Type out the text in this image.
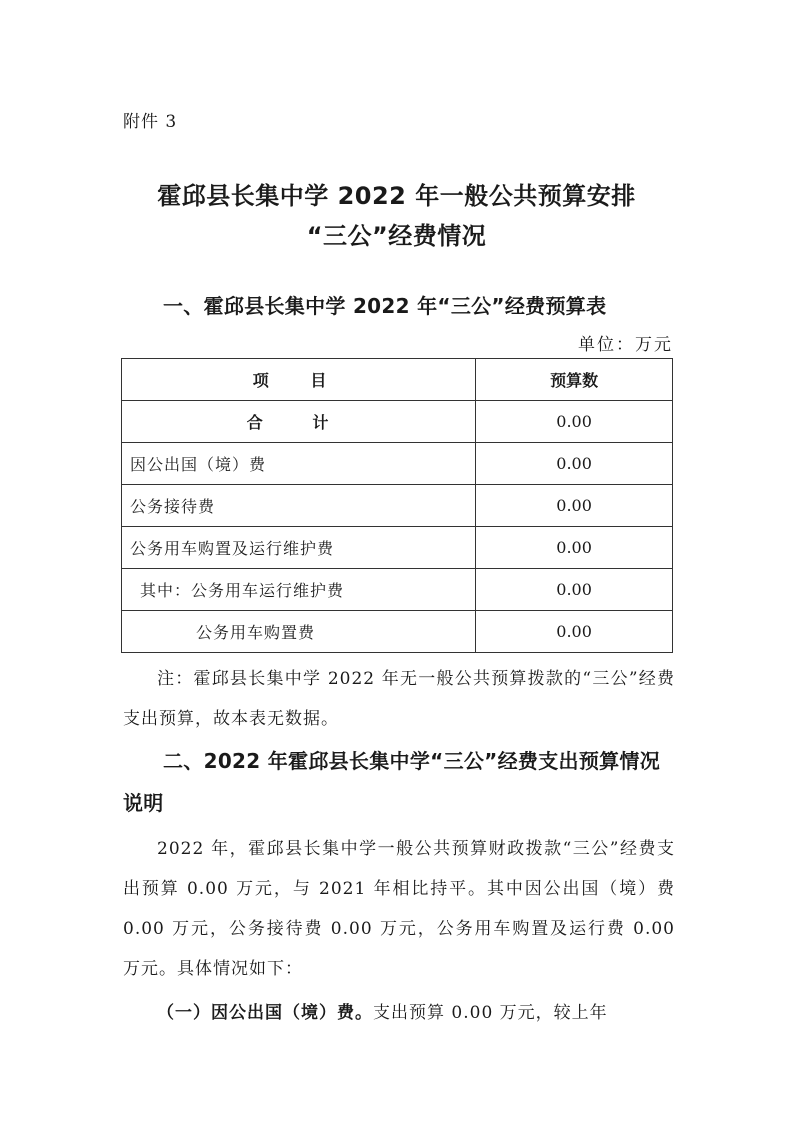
附件 3
霍邱县长集中学 2022 年一般公共预算安排
“三公”经费情况
一、霍邱县长集中学 2022 年“三公”经费预算表
单位：万元
项 目	预算数
合 计	0.00
因公出国（境）费	0.00
公务接待费	0.00
公务用车购置及运行维护费	0.00
其中：公务用车运行维护费	0.00
公务用车购置费	0.00
注：霍邱县长集中学 2022 年无一般公共预算拨款的“三公”经费支出预算，故本表无数据。
二、2022 年霍邱县长集中学“三公”经费支出预算情况
说明
2022 年，霍邱县长集中学一般公共预算财政拨款“三公”经费支出预算 0.00 万元，与 2021 年相比持平。其中因公出国（境）费 0.00 万元，公务接待费 0.00 万元，公务用车购置及运行费 0.00 万元。具体情况如下：
（一）因公出国（境）费。支出预算 0.00 万元，较上年
